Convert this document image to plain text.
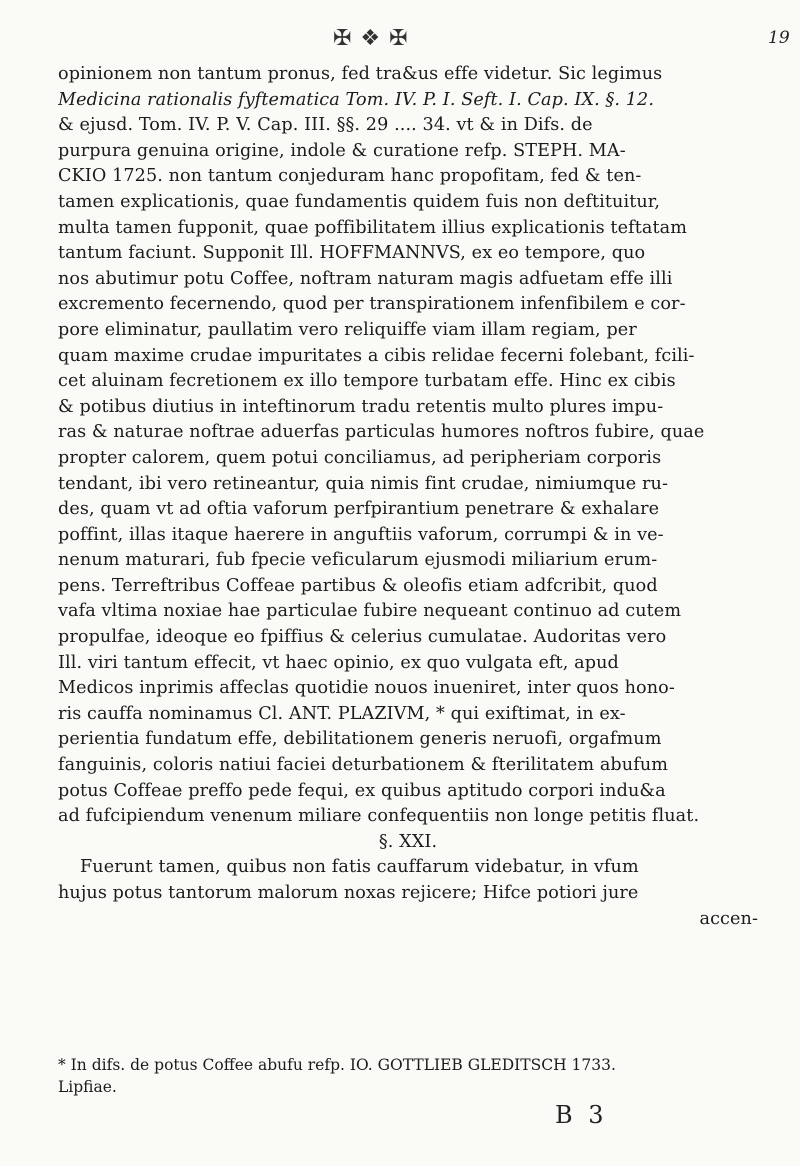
✠ ❖ ✠	19
opinionem non tantum pronus, fed tra&us effe videtur. Sic legimus
Medicina rationalis fyftematica Tom. IV. P. I. Seft. I. Cap. IX. §. 12.
& ejusd. Tom. IV. P. V. Cap. III. §§. 29 .... 34. vt & in Difs. de
purpura genuina origine, indole & curatione refp. STEPH. MA-
CKIO 1725. non tantum conjeduram hanc propofitam, fed & ten-
tamen explicationis, quae fundamentis quidem fuis non deftituitur,
multa tamen fupponit, quae poffibilitatem illius explicationis teftatam
tantum faciunt. Supponit Ill. HOFFMANNVS, ex eo tempore, quo
nos abutimur potu Coffee, noftram naturam magis adfuetam effe illi
excremento fecernendo, quod per transpirationem infenfibilem e cor-
pore eliminatur, paullatim vero reliquiffe viam illam regiam, per
quam maxime crudae impuritates a cibis relidae fecerni folebant, fcili-
cet aluinam fecretionem ex illo tempore turbatam effe. Hinc ex cibis
& potibus diutius in inteftinorum tradu retentis multo plures impu-
ras & naturae noftrae aduerfas particulas humores noftros fubire, quae
propter calorem, quem potui conciliamus, ad peripheriam corporis
tendant, ibi vero retineantur, quia nimis fint crudae, nimiumque ru-
des, quam vt ad oftia vaforum perfpirantium penetrare & exhalare
poffint, illas itaque haerere in anguftiis vaforum, corrumpi & in ve-
nenum maturari, fub fpecie veficularum ejusmodi miliarium erum-
pens. Terreftribus Coffeae partibus & oleofis etiam adfcribit, quod
vafa vltima noxiae hae particulae fubire nequeant continuo ad cutem
propulfae, ideoque eo fpiffius & celerius cumulatae. Audoritas vero
Ill. viri tantum effecit, vt haec opinio, ex quo vulgata eft, apud
Medicos inprimis affeclas quotidie nouos inueniret, inter quos hono-
ris cauffa nominamus Cl. ANT. PLAZIVM, * qui exiftimat, in ex-
perientia fundatum effe, debilitationem generis neruofi, orgafmum
fanguinis, coloris natiui faciei deturbationem & fterilitatem abufum
potus Coffeae preffo pede fequi, ex quibus aptitudo corpori indu&a
ad fufcipiendum venenum miliare confequentiis non longe petitis fluat.
§. XXI.
Fuerunt tamen, quibus non fatis cauffarum videbatur, in vfum
hujus potus tantorum malorum noxas rejicere; Hifce potiori jure
accen-
* In difs. de potus Coffee abufu refp. IO. GOTTLIEB GLEDITSCH 1733.
Lipfiae.
B 3
